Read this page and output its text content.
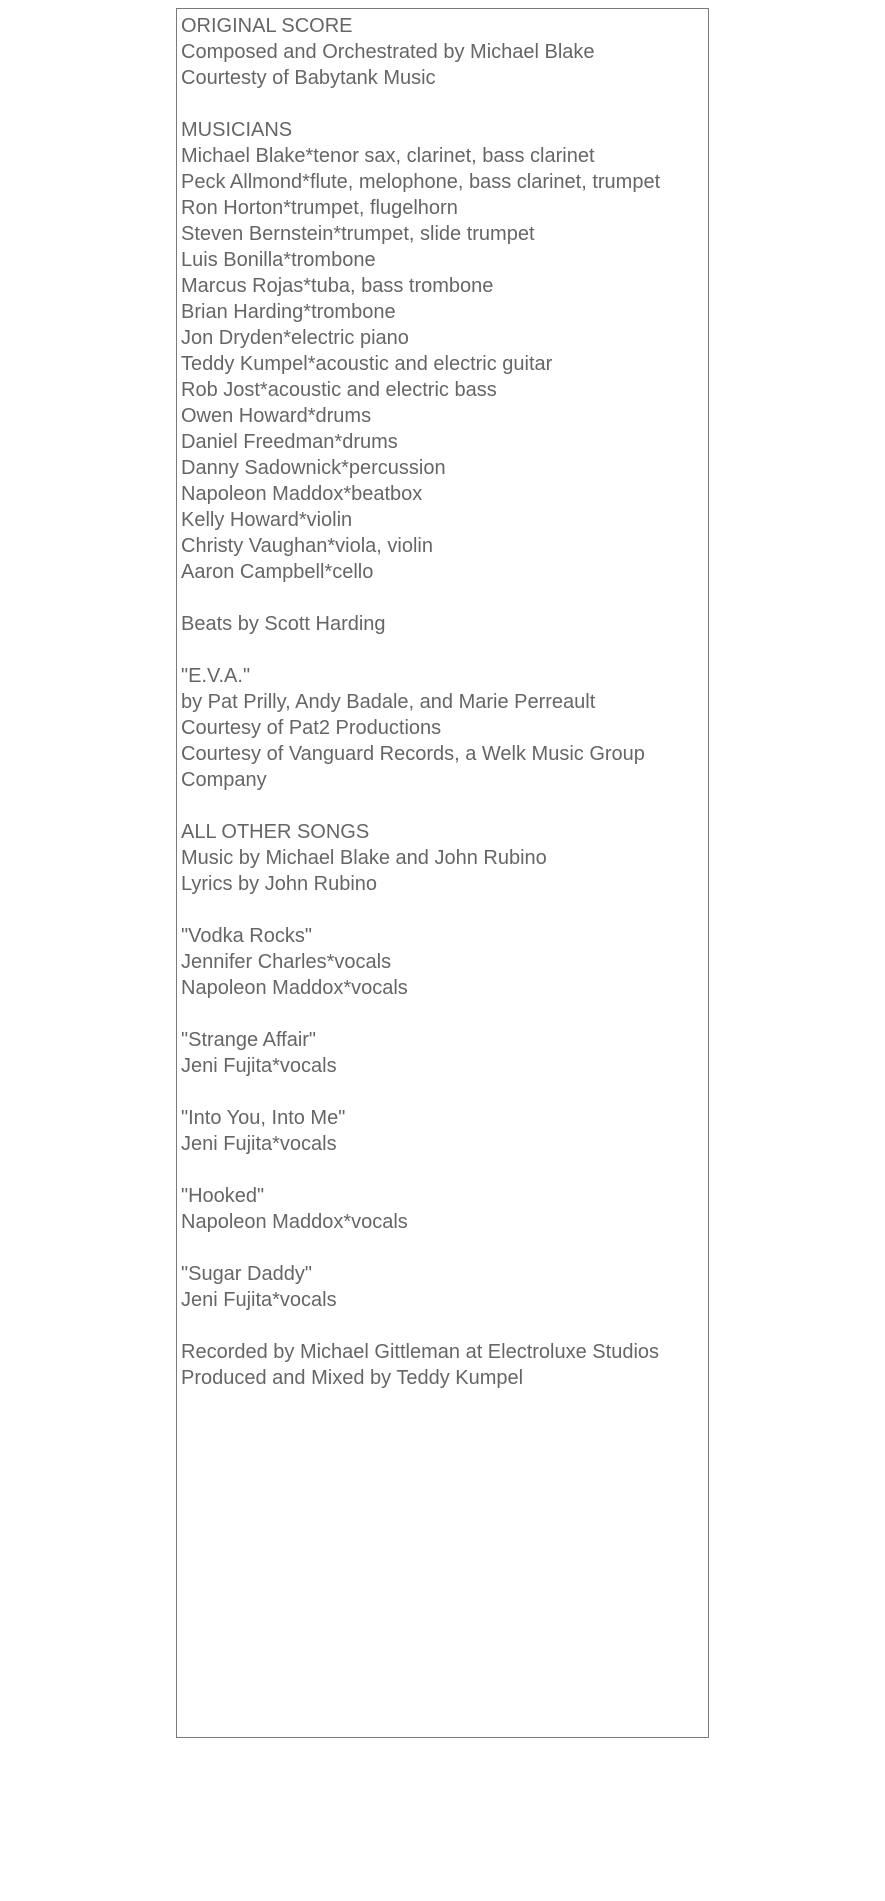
ORIGINAL SCORE
Composed and Orchestrated by Michael Blake
Courtesty of Babytank Music
MUSICIANS
Michael Blake*tenor sax, clarinet, bass clarinet
Peck Allmond*flute, melophone, bass clarinet, trumpet
Ron Horton*trumpet, flugelhorn
Steven Bernstein*trumpet, slide trumpet
Luis Bonilla*trombone
Marcus Rojas*tuba, bass trombone
Brian Harding*trombone
Jon Dryden*electric piano
Teddy Kumpel*acoustic and electric guitar
Rob Jost*acoustic and electric bass
Owen Howard*drums
Daniel Freedman*drums
Danny Sadownick*percussion
Napoleon Maddox*beatbox
Kelly Howard*violin
Christy Vaughan*viola, violin
Aaron Campbell*cello
Beats by Scott Harding
"E.V.A."
by Pat Prilly, Andy Badale, and Marie Perreault
Courtesy of Pat2 Productions
Courtesy of Vanguard Records, a Welk Music Group Company
ALL OTHER SONGS
Music by Michael Blake and John Rubino
Lyrics by John Rubino
"Vodka Rocks"
Jennifer Charles*vocals
Napoleon Maddox*vocals
"Strange Affair"
Jeni Fujita*vocals
"Into You, Into Me"
Jeni Fujita*vocals
"Hooked"
Napoleon Maddox*vocals
"Sugar Daddy"
Jeni Fujita*vocals
Recorded by Michael Gittleman at Electroluxe Studios
Produced and Mixed by Teddy Kumpel
